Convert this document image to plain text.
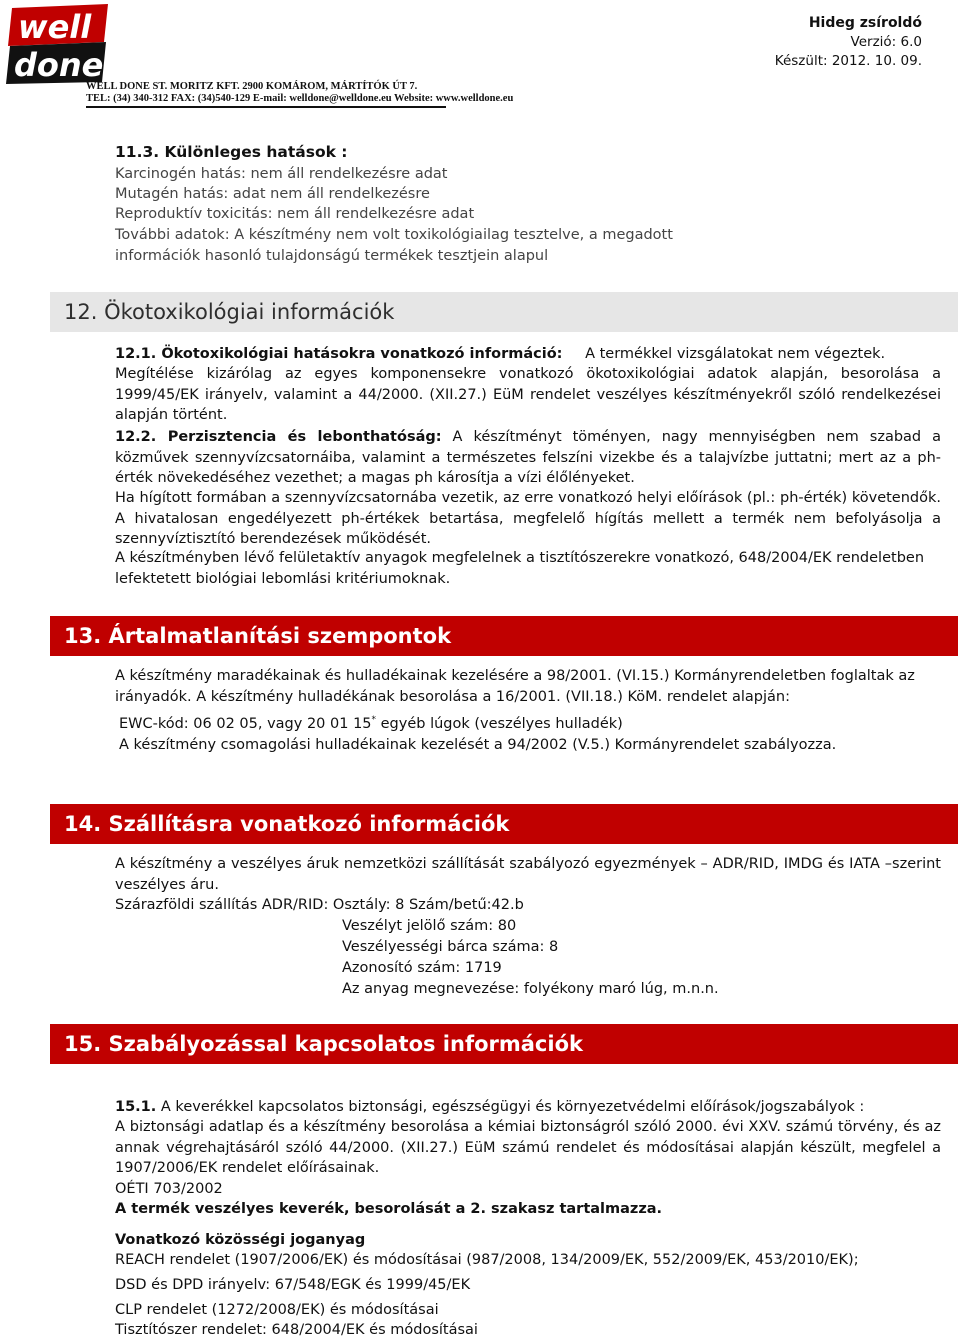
well
done
Hideg zsíroldó
Verzió: 6.0
Készült: 2012. 10. 09.
WELL DONE ST. MORITZ KFT. 2900 KOMÁROM, MÁRTÍTÓK ÚT 7.
TEL: (34) 340-312 FAX: (34)540-129 E-mail: welldone@welldone.eu Website: www.welldone.eu
11.3. Különleges hatások :
Karcinogén hatás: nem áll rendelkezésre adat
Mutagén hatás: adat nem áll rendelkezésre
Reproduktív toxicitás: nem áll rendelkezésre adat
További adatok: A készítmény nem volt toxikológiailag tesztelve, a megadott
információk hasonló tulajdonságú termékek tesztjein alapul
12. Ökotoxikológiai információk
12.1. Ökotoxikológiai hatásokra vonatkozó információ: A termékkel vizsgálatokat nem végeztek.
Megítélése kizárólag az egyes komponensekre vonatkozó ökotoxikológiai adatok alapján, besorolása a 1999/45/EK irányelv, valamint a 44/2000. (XII.27.) EüM rendelet veszélyes készítményekről szóló rendelkezései alapján történt.
12.2. Perzisztencia és lebonthatóság: A készítményt töményen, nagy mennyiségben nem szabad a közművek szennyvízcsatornáiba, valamint a természetes felszíni vizekbe és a talajvízbe juttatni; mert az a ph-érték növekedéséhez vezethet; a magas ph károsítja a vízi élőlényeket.
Ha hígított formában a szennyvízcsatornába vezetik, az erre vonatkozó helyi előírások (pl.: ph-érték) követendők. A hivatalosan engedélyezett ph-értékek betartása, megfelelő hígítás mellett a termék nem befolyásolja a szennyvíztisztító berendezések működését.
A készítményben lévő felületaktív anyagok megfelelnek a tisztítószerekre vonatkozó, 648/2004/EK rendeletben lefektetett biológiai lebomlási kritériumoknak.
13. Ártalmatlanítási szempontok
A készítmény maradékainak és hulladékainak kezelésére a 98/2001. (VI.15.) Kormányrendeletben foglaltak az irányadók. A készítmény hulladékának besorolása a 16/2001. (VII.18.) KöM. rendelet alapján:
EWC-kód: 06 02 05, vagy 20 01 15* egyéb lúgok (veszélyes hulladék)
A készítmény csomagolási hulladékainak kezelését a 94/2002 (V.5.) Kormányrendelet szabályozza.
14. Szállításra vonatkozó információk
A készítmény a veszélyes áruk nemzetközi szállítását szabályozó egyezmények – ADR/RID, IMDG és IATA –szerint veszélyes áru.
Szárazföldi szállítás ADR/RID: Osztály: 8 Szám/betű:42.b
Veszélyt jelölő szám: 80
Veszélyességi bárca száma: 8
Azonosító szám: 1719
Az anyag megnevezése: folyékony maró lúg, m.n.n.
15. Szabályozással kapcsolatos információk
15.1. A keverékkel kapcsolatos biztonsági, egészségügyi és környezetvédelmi előírások/jogszabályok :
A biztonsági adatlap és a készítmény besorolása a kémiai biztonságról szóló 2000. évi XXV. számú törvény, és az annak végrehajtásáról szóló 44/2000. (XII.27.) EüM számú rendelet és módosításai alapján készült, megfelel a 1907/2006/EK rendelet előírásainak.
OÉTI 703/2002
A termék veszélyes keverék, besorolását a 2. szakasz tartalmazza.
Vonatkozó közösségi joganyag
REACH rendelet (1907/2006/EK) és módosításai (987/2008, 134/2009/EK, 552/2009/EK, 453/2010/EK);
DSD és DPD irányelv: 67/548/EGK és 1999/45/EK
CLP rendelet (1272/2008/EK) és módosításai
Tisztítószer rendelet: 648/2004/EK és módosításai
